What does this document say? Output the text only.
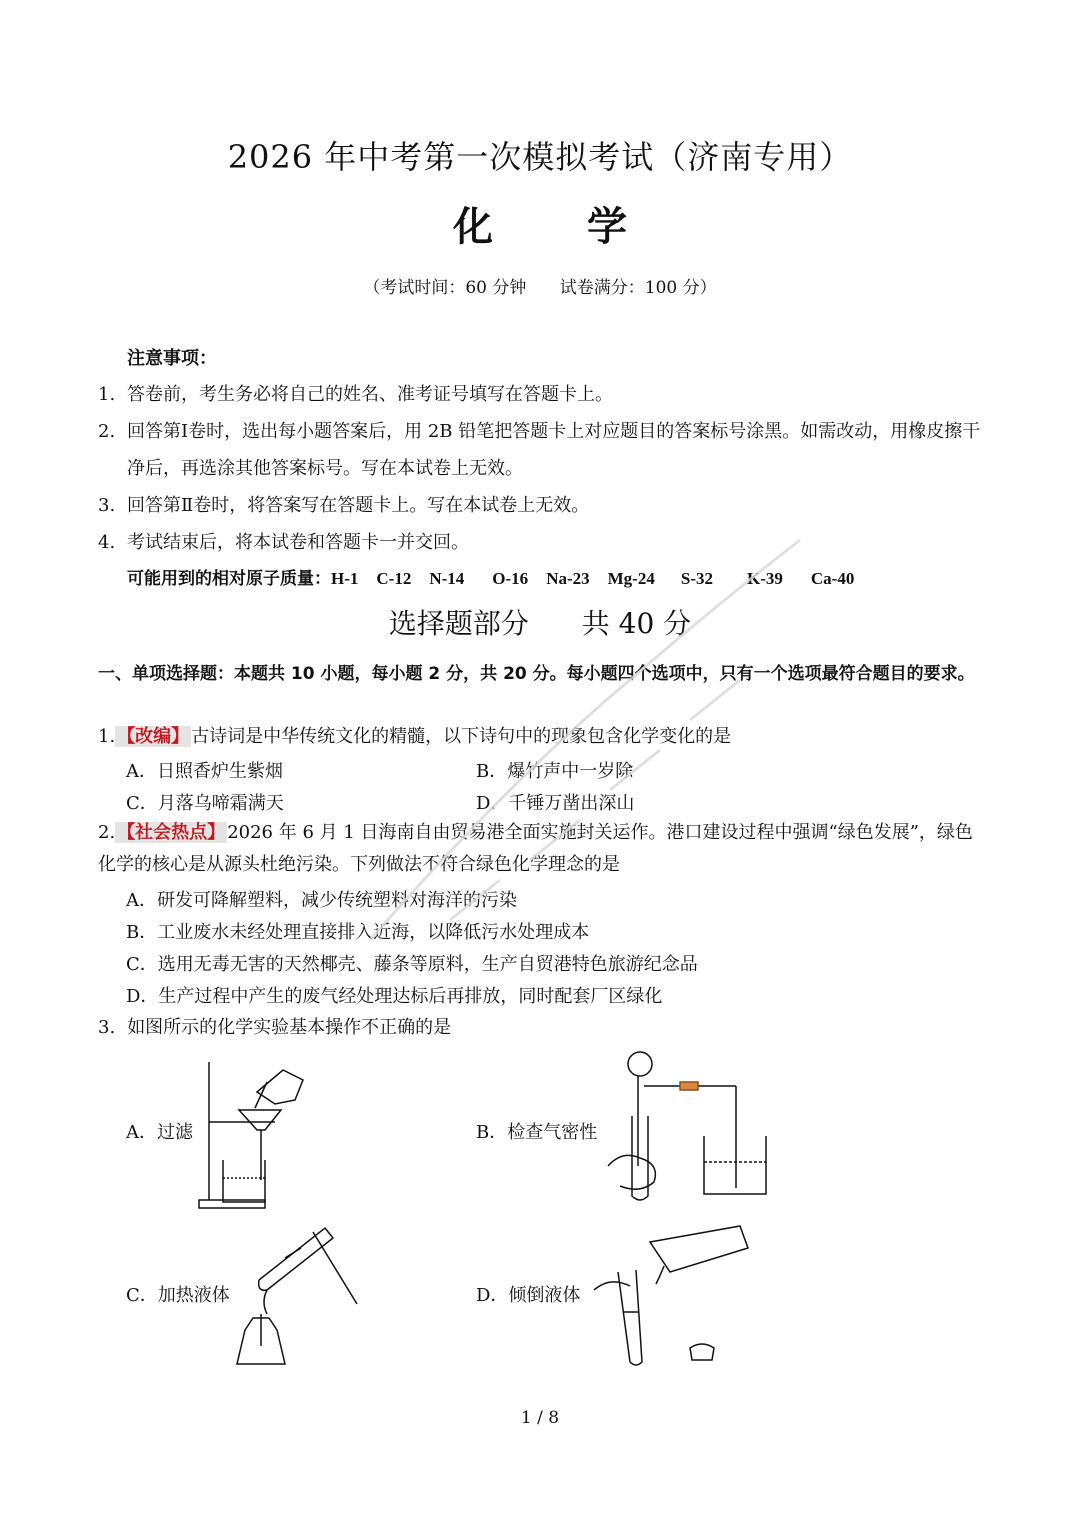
2026 年中考第一次模拟考试（济南专用）
化 学
（考试时间：60 分钟 试卷满分：100 分）
注意事项：
1. 答卷前，考生务必将自己的姓名、准考证号填写在答题卡上。
2. 回答第Ⅰ卷时，选出每小题答案后，用 2B 铅笔把答题卡上对应题目的答案标号涂黑。如需改动，用橡皮擦干净后，再选涂其他答案标号。写在本试卷上无效。
3. 回答第Ⅱ卷时，将答案写在答题卡上。写在本试卷上无效。
4. 考试结束后，将本试卷和答题卡一并交回。
可能用到的相对原子质量：H-1 C-12 N-14 O-16 Na-23 Mg-24 S-32 K-39 Ca-40
选择题部分 共 40 分
一、单项选择题：本题共 10 小题，每小题 2 分，共 20 分。每小题四个选项中，只有一个选项最符合题目的要求。
1. 【改编】 古诗词是中华传统文化的精髓，以下诗句中的现象包含化学变化的是
A．日照香炉生紫烟	B．爆竹声中一岁除
C．月落乌啼霜满天	D．千锤万凿出深山
2. 【社会热点】 2026 年 6 月 1 日海南自由贸易港全面实施封关运作。港口建设过程中强调“绿色发展”，绿色化学的核心是从源头杜绝污染。下列做法不符合绿色化学理念的是
A．研发可降解塑料，减少传统塑料对海洋的污染
B．工业废水未经处理直接排入近海，以降低污水处理成本
C．选用无毒无害的天然椰壳、藤条等原料，生产自贸港特色旅游纪念品
D．生产过程中产生的废气经处理达标后再排放，同时配套厂区绿化
3. 如图所示的化学实验基本操作不正确的是
A．过滤	B．检查气密性
C．加热液体	D．倾倒液体
1 / 8
